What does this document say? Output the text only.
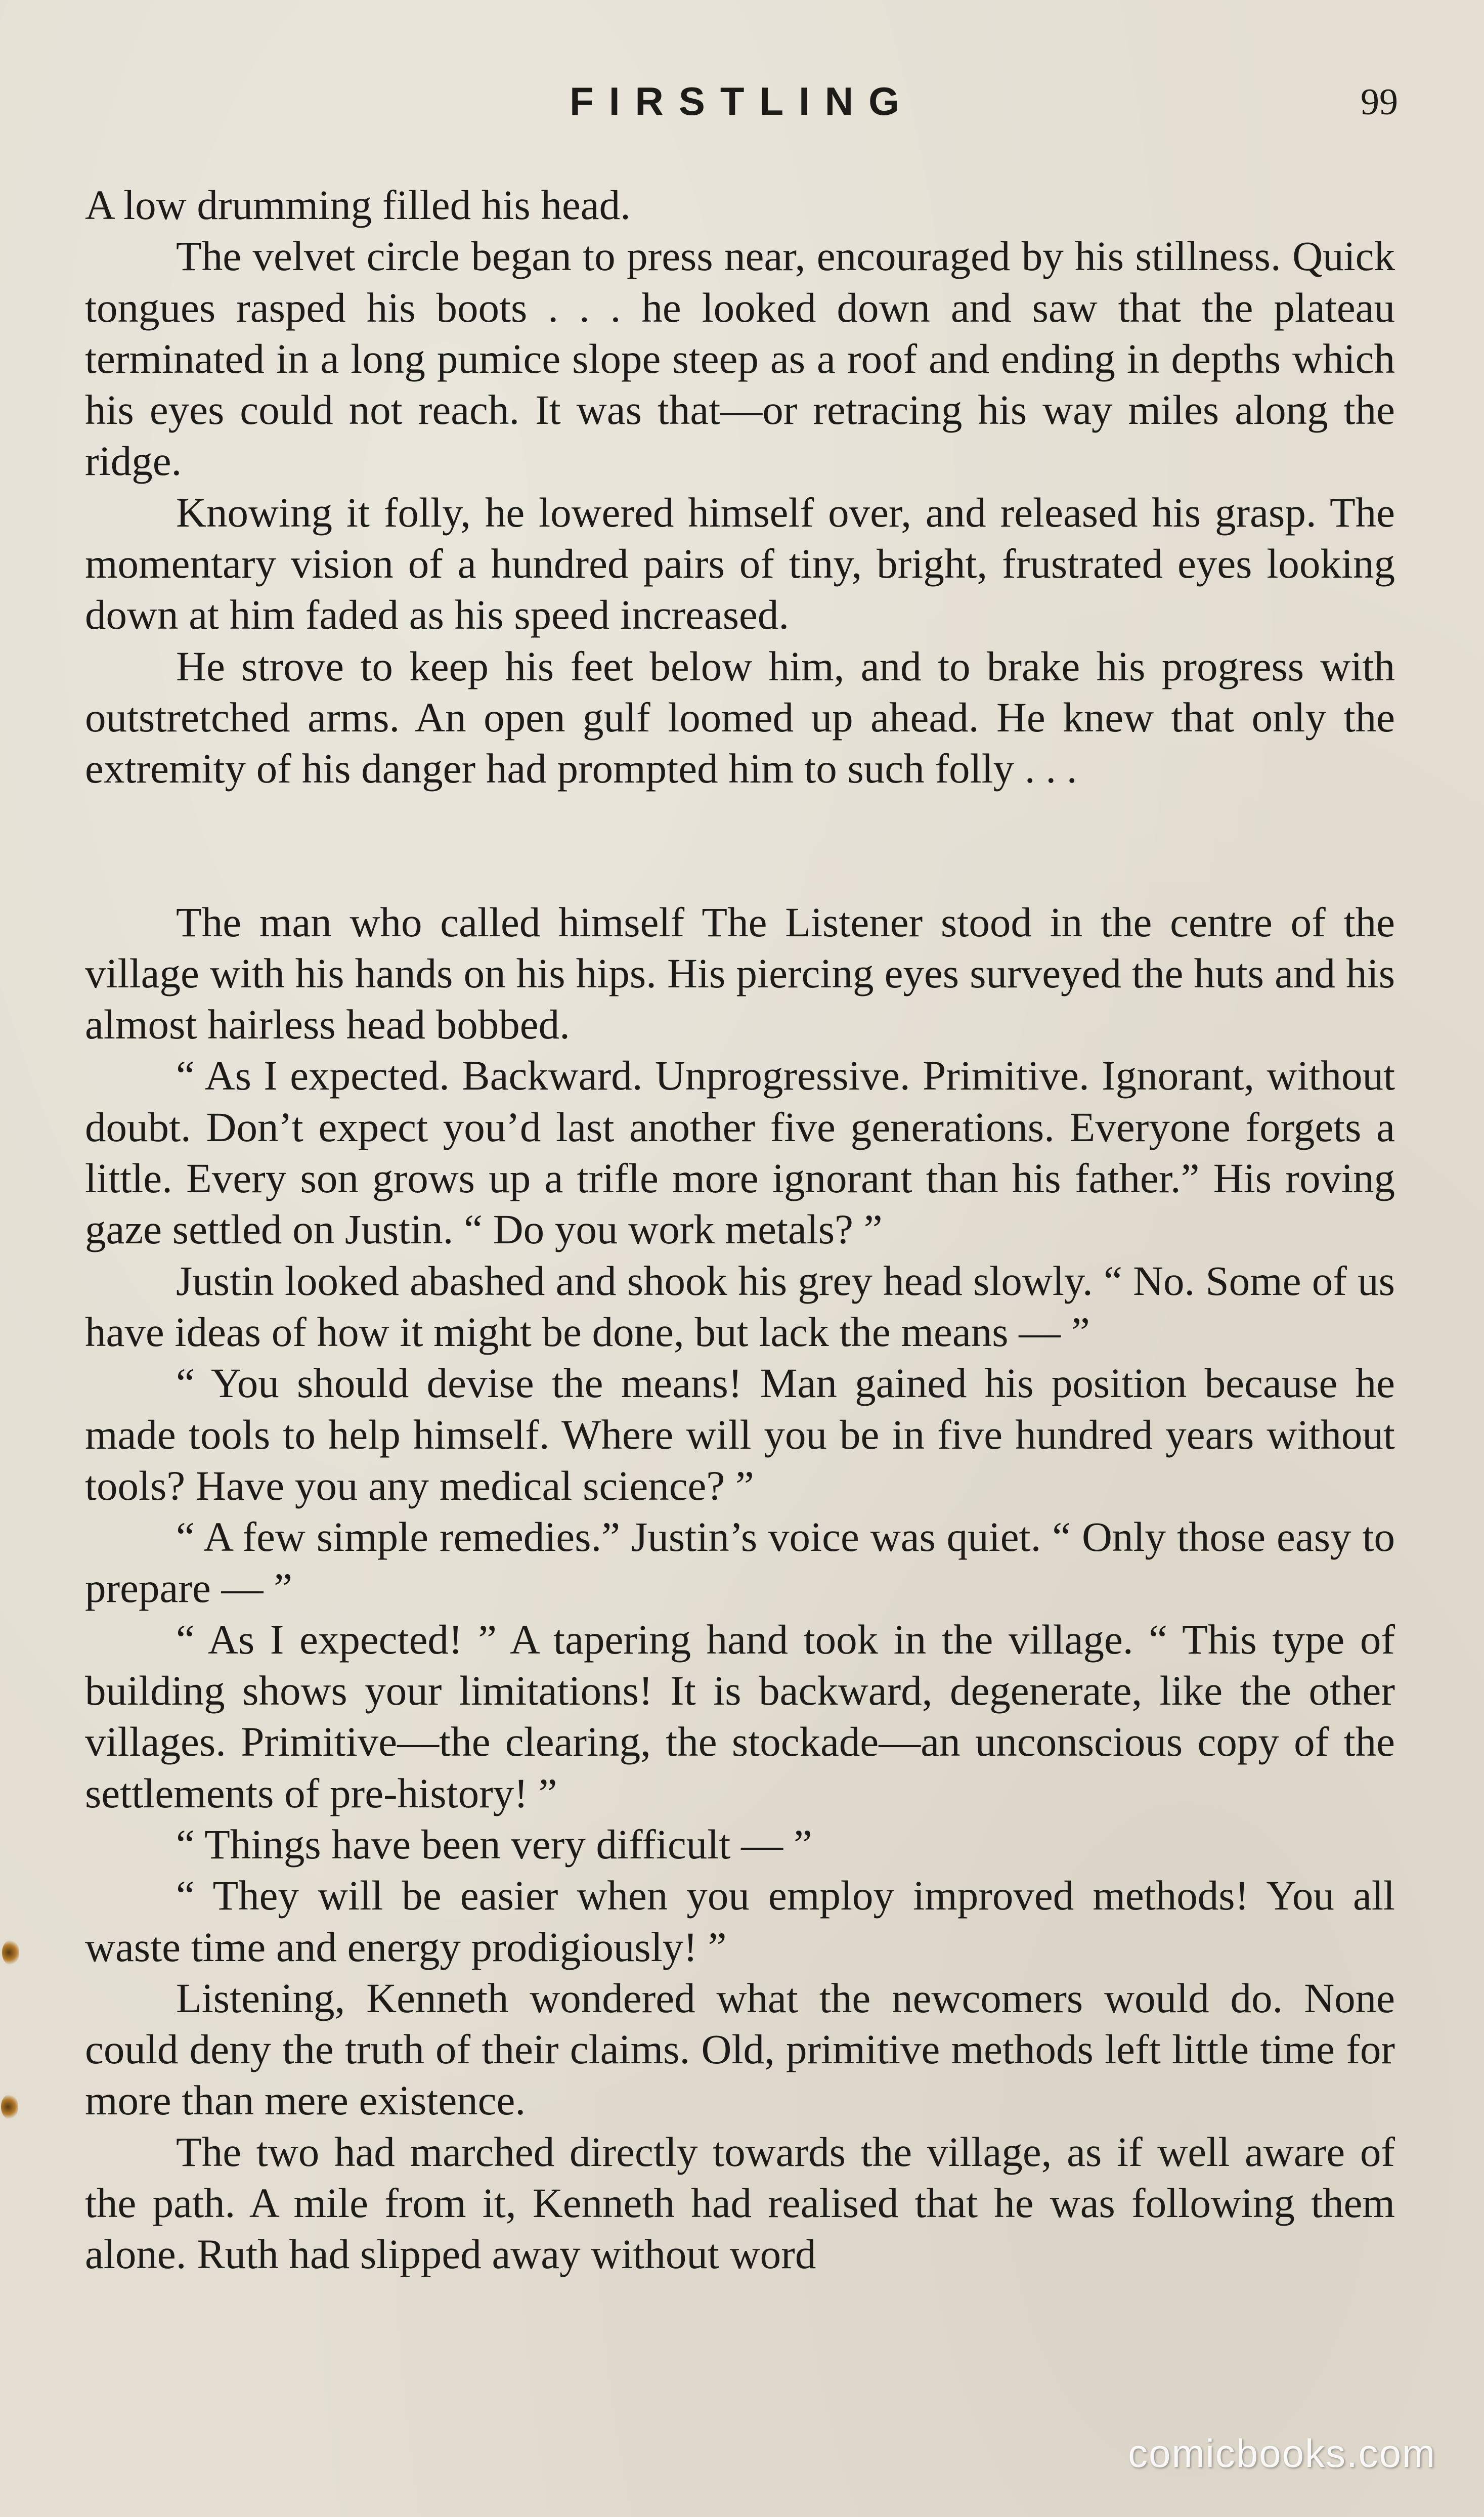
FIRSTLING	99

A low drumming filled his head.

The velvet circle began to press near, encouraged by his stillness. Quick tongues rasped his boots . . . he looked down and saw that the plateau terminated in a long pumice slope steep as a roof and ending in depths which his eyes could not reach. It was that—or retracing his way miles along the ridge.

Knowing it folly, he lowered himself over, and released his grasp. The momentary vision of a hundred pairs of tiny, bright, frustrated eyes looking down at him faded as his speed increased.

He strove to keep his feet below him, and to brake his progress with outstretched arms. An open gulf loomed up ahead. He knew that only the extremity of his danger had prompted him to such folly . . .

The man who called himself The Listener stood in the centre of the village with his hands on his hips. His piercing eyes surveyed the huts and his almost hairless head bobbed.

“ As I expected. Backward. Unprogressive. Primitive. Ignorant, without doubt. Don’t expect you’d last another five generations. Everyone forgets a little. Every son grows up a trifle more ignorant than his father.” His roving gaze settled on Justin. “ Do you work metals? ”

Justin looked abashed and shook his grey head slowly. “ No. Some of us have ideas of how it might be done, but lack the means — ”

“ You should devise the means! Man gained his position because he made tools to help himself. Where will you be in five hundred years without tools? Have you any medical science? ”

“ A few simple remedies.” Justin’s voice was quiet. “ Only those easy to prepare — ”

“ As I expected! ” A tapering hand took in the village. “ This type of building shows your limitations! It is backward, degenerate, like the other villages. Primitive—the clearing, the stockade—an unconscious copy of the settlements of pre-history! ”

“ Things have been very difficult — ”

“ They will be easier when you employ improved methods! You all waste time and energy prodigiously! ”

Listening, Kenneth wondered what the newcomers would do. None could deny the truth of their claims. Old, primitive methods left little time for more than mere existence.

The two had marched directly towards the village, as if well aware of the path. A mile from it, Kenneth had realised that he was following them alone. Ruth had slipped away without word

comicbooks.com
